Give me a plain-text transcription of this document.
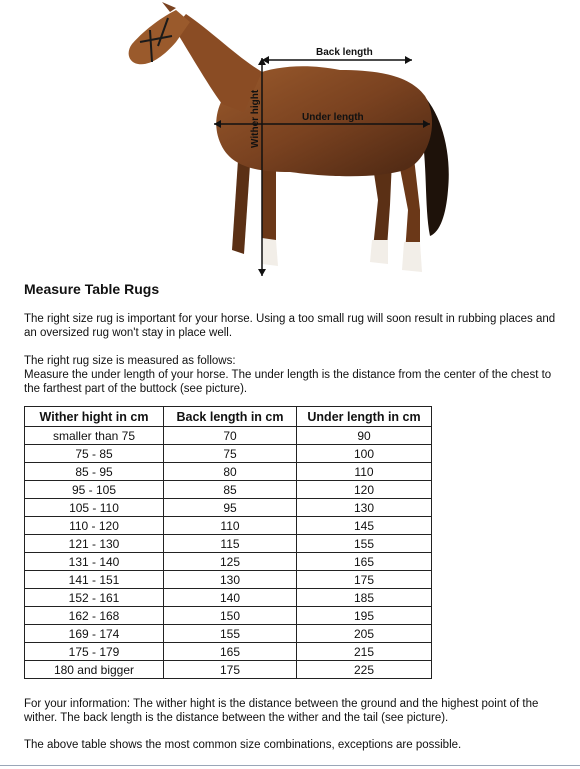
Back length
Under length
Wither hight
Measure Table Rugs

The right size rug is important for your horse. Using a too small rug will soon result in rubbing places and an oversized rug won't stay in place well.

The right rug size is measured as follows:

Measure the under length of your horse. The under length is the distance from the center of the chest to the farthest part of the buttock (see picture).

Wither hight in cm	Back length in cm	Under length in cm
smaller than 75	70	90
75 - 85	75	100
85 - 95	80	110
95 - 105	85	120
105 - 110	95	130
110 - 120	110	145
121 - 130	115	155
131 - 140	125	165
141 - 151	130	175
152 - 161	140	185
162 - 168	150	195
169 - 174	155	205
175 - 179	165	215
180 and bigger	175	225

For your information: The wither hight is the distance between the ground and the highest point of the wither. The back length is the distance between the wither and the tail (see picture).

The above table shows the most common size combinations, exceptions are possible.
